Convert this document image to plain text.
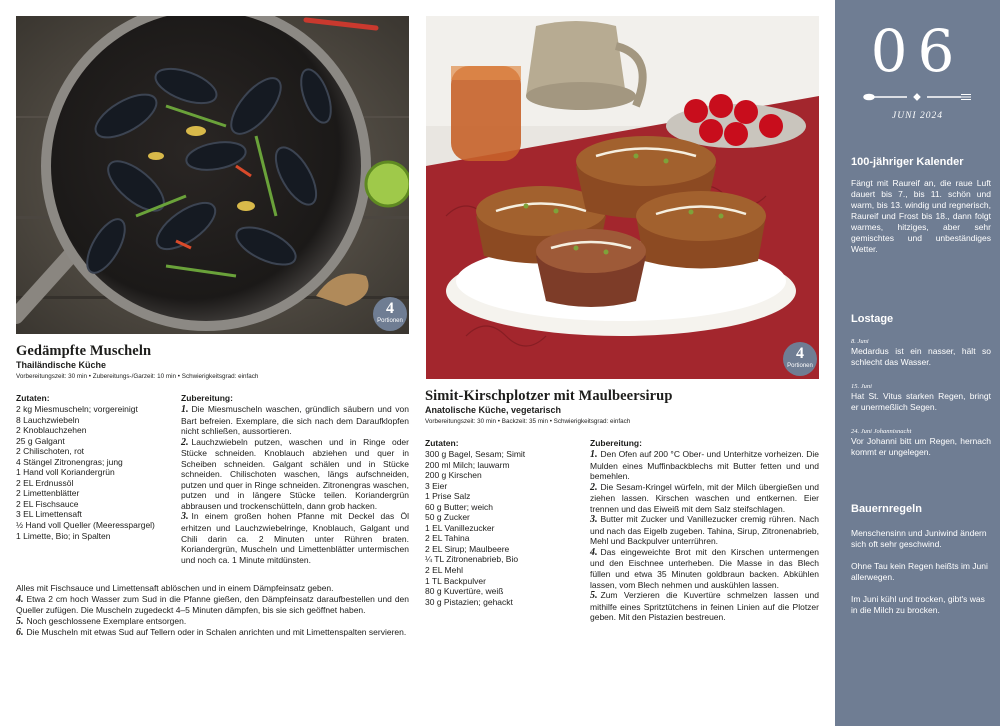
4
Portionen
4
Portionen
Gedämpfte Muscheln
Thailändische Küche
Vorbereitungszeit: 30 min • Zubereitungs-/Garzeit: 10 min • Schwierigkeitsgrad: einfach
Zutaten:
2 kg Miesmuscheln; vorgereinigt
8 Lauchzwiebeln
2 Knoblauchzehen
25 g Galgant
2 Chilischoten, rot
4 Stängel Zitronengras; jung
1 Hand voll Koriandergrün
2 EL Erdnussöl
2 Limettenblätter
2 EL Fischsauce
3 EL Limettensaft
½ Hand voll Queller (Meeresspargel)
1 Limette, Bio; in Spalten
Zubereitung:

1. Die Miesmuscheln waschen, gründlich säubern und von Bart befreien. Exemplare, die sich nach dem Daraufklopfen nicht schließen, aussortieren.

2. Lauchzwiebeln putzen, waschen und in Ringe oder Stücke schneiden. Knoblauch abziehen und quer in Scheiben schneiden. Galgant schälen und in Stücke schneiden. Chilischoten waschen, längs aufschneiden, putzen und quer in Ringe schneiden. Zitronengras waschen, putzen und in längere Stücke teilen. Koriandergrün abbrausen und trockenschütteln, dann grob hacken.

3. In einem großen hohen Pfanne mit Deckel das Öl erhitzen und Lauchzwiebelringe, Knoblauch, Galgant und Chili darin ca. 2 Minuten unter Rühren braten. Koriandergrün, Muscheln und Limettenblätter untermischen und noch ca. 1 Minute mitdünsten.

Alles mit Fischsauce und Limettensaft ablöschen und in einem Dämpfeinsatz geben.

4. Etwa 2 cm hoch Wasser zum Sud in die Pfanne gießen, den Dämpfeinsatz daraufbestellen und den Queller zufügen. Die Muscheln zugedeckt 4–5 Minuten dämpfen, bis sie sich geöffnet haben.

5. Noch geschlossene Exemplare entsorgen.

6. Die Muscheln mit etwas Sud auf Tellern oder in Schalen anrichten und mit Limettenspalten servieren.

Simit-Kirschplotzer mit Maulbeersirup
Anatolische Küche, vegetarisch
Vorbereitungszeit: 30 min • Backzeit: 35 min • Schwierigkeitsgrad: einfach
Zutaten:
300 g Bagel, Sesam; Simit
200 ml Milch; lauwarm
200 g Kirschen
3 Eier
1 Prise Salz
60 g Butter; weich
50 g Zucker
1 EL Vanillezucker
2 EL Tahina
2 EL Sirup; Maulbeere
¼ TL Zitronenabrieb, Bio
2 EL Mehl
1 TL Backpulver
80 g Kuvertüre, weiß
30 g Pistazien; gehackt
Zubereitung:

1. Den Ofen auf 200 °C Ober- und Unterhitze vorheizen. Die Mulden eines Muffinbackblechs mit Butter fetten und und bemehlen.

2. Die Sesam-Kringel würfeln, mit der Milch übergießen und ziehen lassen. Kirschen waschen und entkernen. Eier trennen und das Eiweiß mit dem Salz steifschlagen.

3. Butter mit Zucker und Vanillezucker cremig rühren. Nach und nach das Eigelb zugeben. Tahina, Sirup, Zitronenabrieb, Mehl und Backpulver unterrühren.

4. Das eingeweichte Brot mit den Kirschen untermengen und den Eischnee unterheben. Die Masse in das Blech füllen und etwa 35 Minuten goldbraun backen. Abkühlen lassen, vom Blech nehmen und auskühlen lassen.

5. Zum Verzieren die Kuvertüre schmelzen lassen und mithilfe eines Spritztütchens in feinen Linien auf die Plotzer geben. Mit den Pistazien bestreuen.

06
JUNI 2024
100-jähriger Kalender
Fängt mit Raureif an, die raue Luft dauert bis 7., bis 11. schön und warm, bis 13. windig und regnerisch, Raureif und Frost bis 18., dann folgt warmes, hitziges, aber sehr gemischtes und unbeständiges Wetter.
Lostage
8. Juni
Medardus ist ein nasser, hält so schlecht das Wasser.
15. Juni
Hat St. Vitus starken Regen, bringt er unermeßlich Segen.
24. Juni Johannisnacht
Vor Johanni bitt um Regen, hernach kommt er ungelegen.
Bauernregeln
Menschensinn und Juniwind ändern sich oft sehr geschwind.
Ohne Tau kein Regen heißts im Juni allerwegen.
Im Juni kühl und trocken, gibt's was in die Milch zu brocken.
